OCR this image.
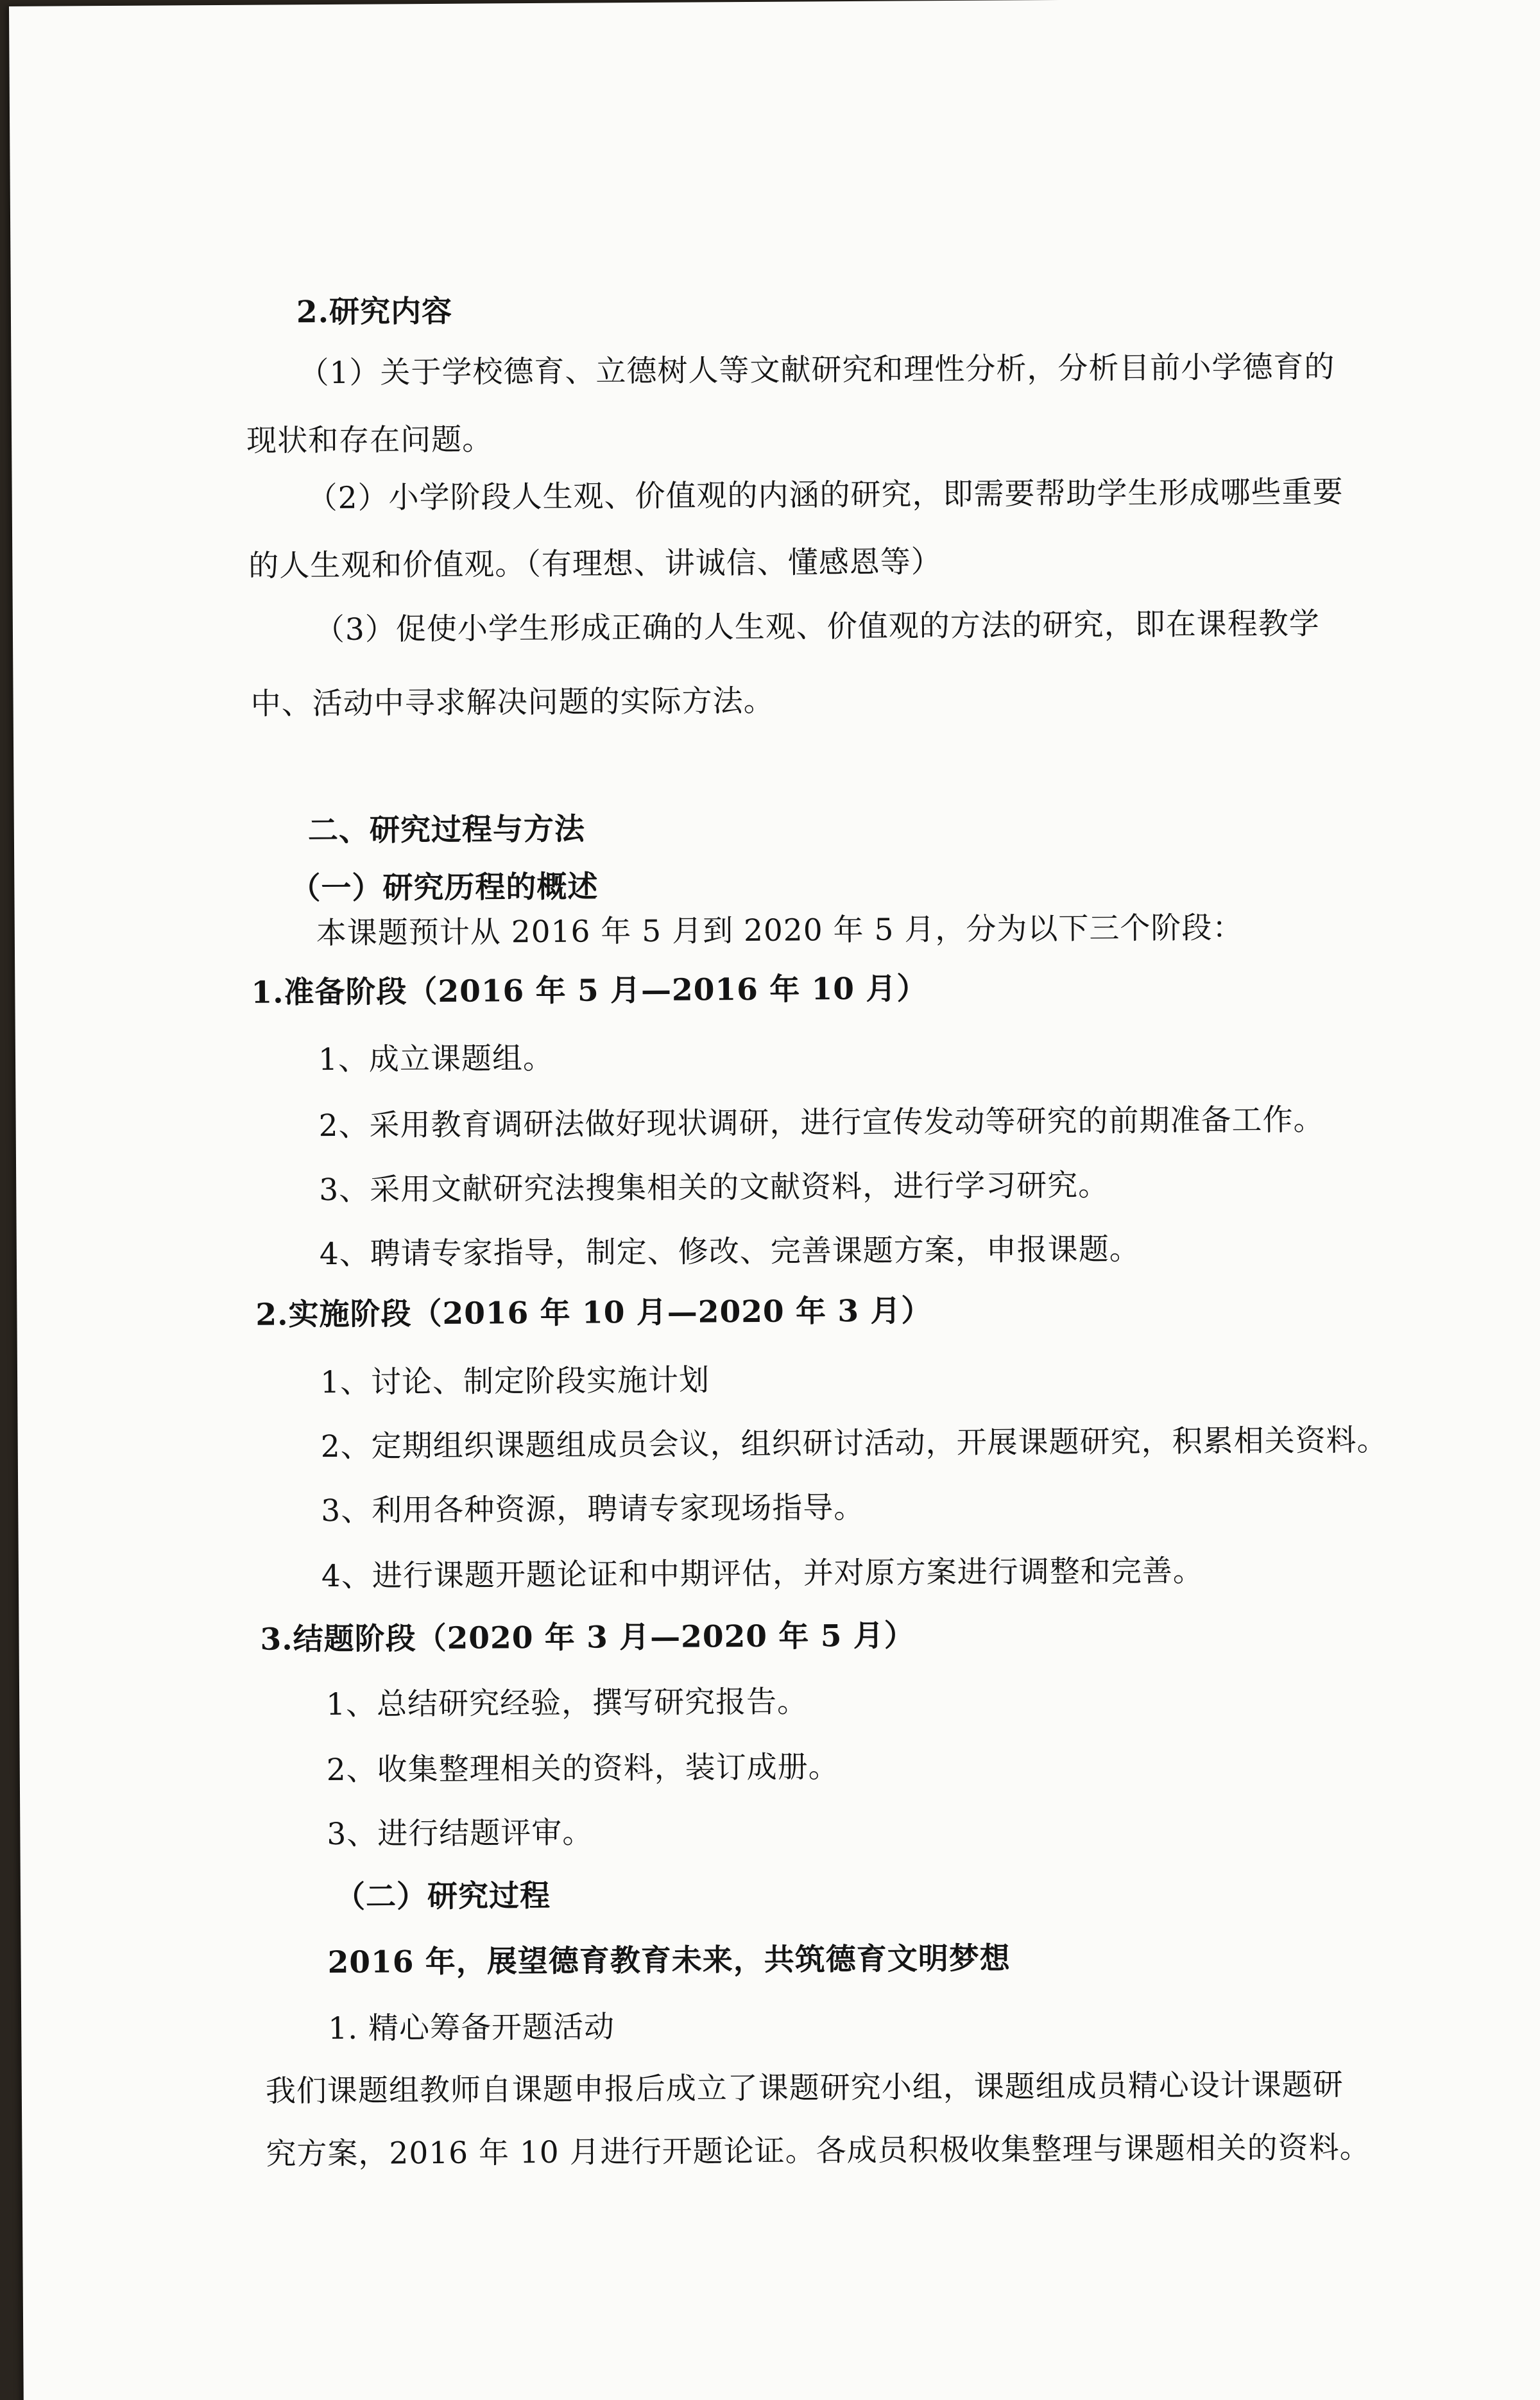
2.研究内容

（1）关于学校德育、立德树人等文献研究和理性分析，分析目前小学德育的

现状和存在问题。

（2）小学阶段人生观、价值观的内涵的研究，即需要帮助学生形成哪些重要

的人生观和价值观。（有理想、讲诚信、懂感恩等）

（3）促使小学生形成正确的人生观、价值观的方法的研究，即在课程教学

中、活动中寻求解决问题的实际方法。

二、研究过程与方法

（一）研究历程的概述

本课题预计从 2016 年 5 月到 2020 年 5 月，分为以下三个阶段：

1.准备阶段（2016 年 5 月—2016 年 10 月）

1、成立课题组。

2、采用教育调研法做好现状调研，进行宣传发动等研究的前期准备工作。

3、采用文献研究法搜集相关的文献资料，进行学习研究。

4、聘请专家指导，制定、修改、完善课题方案，申报课题。

2.实施阶段（2016 年 10 月—2020 年 3 月）

1、讨论、制定阶段实施计划

2、定期组织课题组成员会议，组织研讨活动，开展课题研究，积累相关资料。

3、利用各种资源，聘请专家现场指导。

4、进行课题开题论证和中期评估，并对原方案进行调整和完善。

3.结题阶段（2020 年 3 月—2020 年 5 月）

1、总结研究经验，撰写研究报告。

2、收集整理相关的资料，装订成册。

3、进行结题评审。

（二）研究过程

2016 年，展望德育教育未来，共筑德育文明梦想

1. 精心筹备开题活动

我们课题组教师自课题申报后成立了课题研究小组，课题组成员精心设计课题研

究方案，2016 年 10 月进行开题论证。各成员积极收集整理与课题相关的资料。
